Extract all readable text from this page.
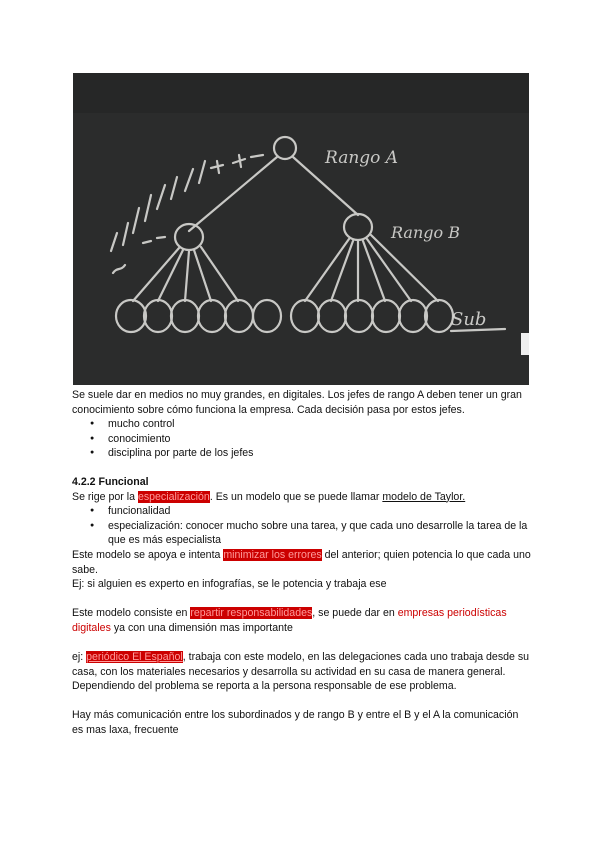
Rango A
Rango B
Sub

Se suele dar en medios no muy grandes, en digitales. Los jefes de rango A deben tener un gran conocimiento sobre cómo funciona la empresa. Cada decisión pasa por estos jefes.

● mucho control
● conocimiento
● disciplina por parte de los jefes

4.2.2 Funcional

Se rige por la especialización. Es un modelo que se puede llamar modelo de Taylor.

● funcionalidad
● especialización: conocer mucho sobre una tarea, y que cada uno desarrolle la tarea de la que es más especialista

Este modelo se apoya e intenta minimizar los errores del anterior; quien potencia lo que cada uno sabe.

Ej: si alguien es experto en infografías, se le potencia y trabaja ese

Este modelo consiste en repartir responsabilidades, se puede dar en empresas periodísticas digitales ya con una dimensión mas importante

ej: periódico El Español, trabaja con este modelo, en las delegaciones cada uno trabaja desde su casa, con los materiales necesarios y desarrolla su actividad en su casa de manera general. Dependiendo del problema se reporta a la persona responsable de ese problema.

Hay más comunicación entre los subordinados y de rango B y entre el B y el A la comunicación es mas laxa, frecuente
